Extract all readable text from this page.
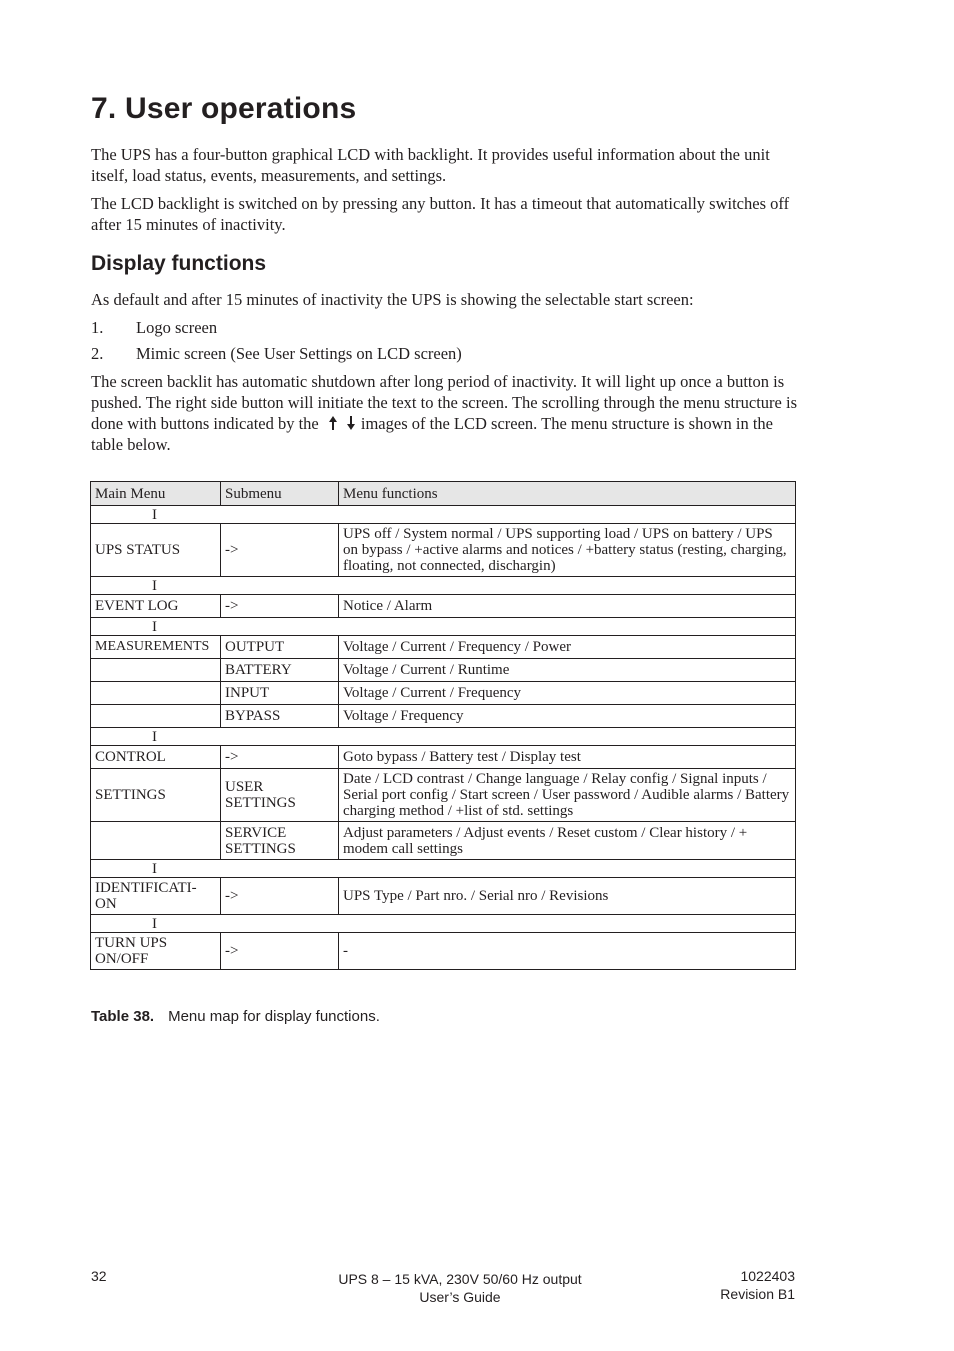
7. User operations

The UPS has a four-button graphical LCD with backlight. It provides useful information about the unit itself, load status, events, measurements, and settings.

The LCD backlight is switched on by pressing any button. It has a timeout that automatically switches off after 15 minutes of inactivity.

Display functions

As default and after 15 minutes of inactivity the UPS is showing the selectable start screen:

1. Logo screen
2. Mimic screen (See User Settings on LCD screen)

The screen backlit has automatic shutdown after long period of inactivity. It will light up once a button is pushed. The right side button will initiate the text to the screen. The scrolling through the menu structure is done with buttons indicated by the	images of the LCD screen. The menu structure is shown in the table below.

Main Menu	Submenu	Menu functions
I		
UPS STATUS	->	UPS off / System normal / UPS supporting load / UPS on battery / UPS on bypass / +active alarms and notices / +battery status (resting, charging, floating, not connected, dischargin)
I		
EVENT LOG	->	Notice / Alarm
I		
MEASUREMENTS	OUTPUT	Voltage / Current / Frequency / Power
	BATTERY	Voltage / Current / Runtime
	INPUT	Voltage / Current / Frequency
	BYPASS	Voltage / Frequency
I		
CONTROL	->	Goto bypass / Battery test / Display test
SETTINGS	USER SETTINGS	Date / LCD contrast / Change language / Relay config / Signal inputs / Serial port config / Start screen / User password / Audible alarms / Battery charging method / +list of std. settings
	SERVICE SETTINGS	Adjust parameters / Adjust events / Reset custom / Clear history / + modem call settings
I		
IDENTIFICATI-ON	->	UPS Type / Part nro. / Serial nro / Revisions
I		
TURN UPS ON/OFF	->	-
Table 38. Menu map for display functions.
32	UPS 8 – 15 kVA, 230V 50/60 Hz output
User’s Guide
1022403
Revision B1
